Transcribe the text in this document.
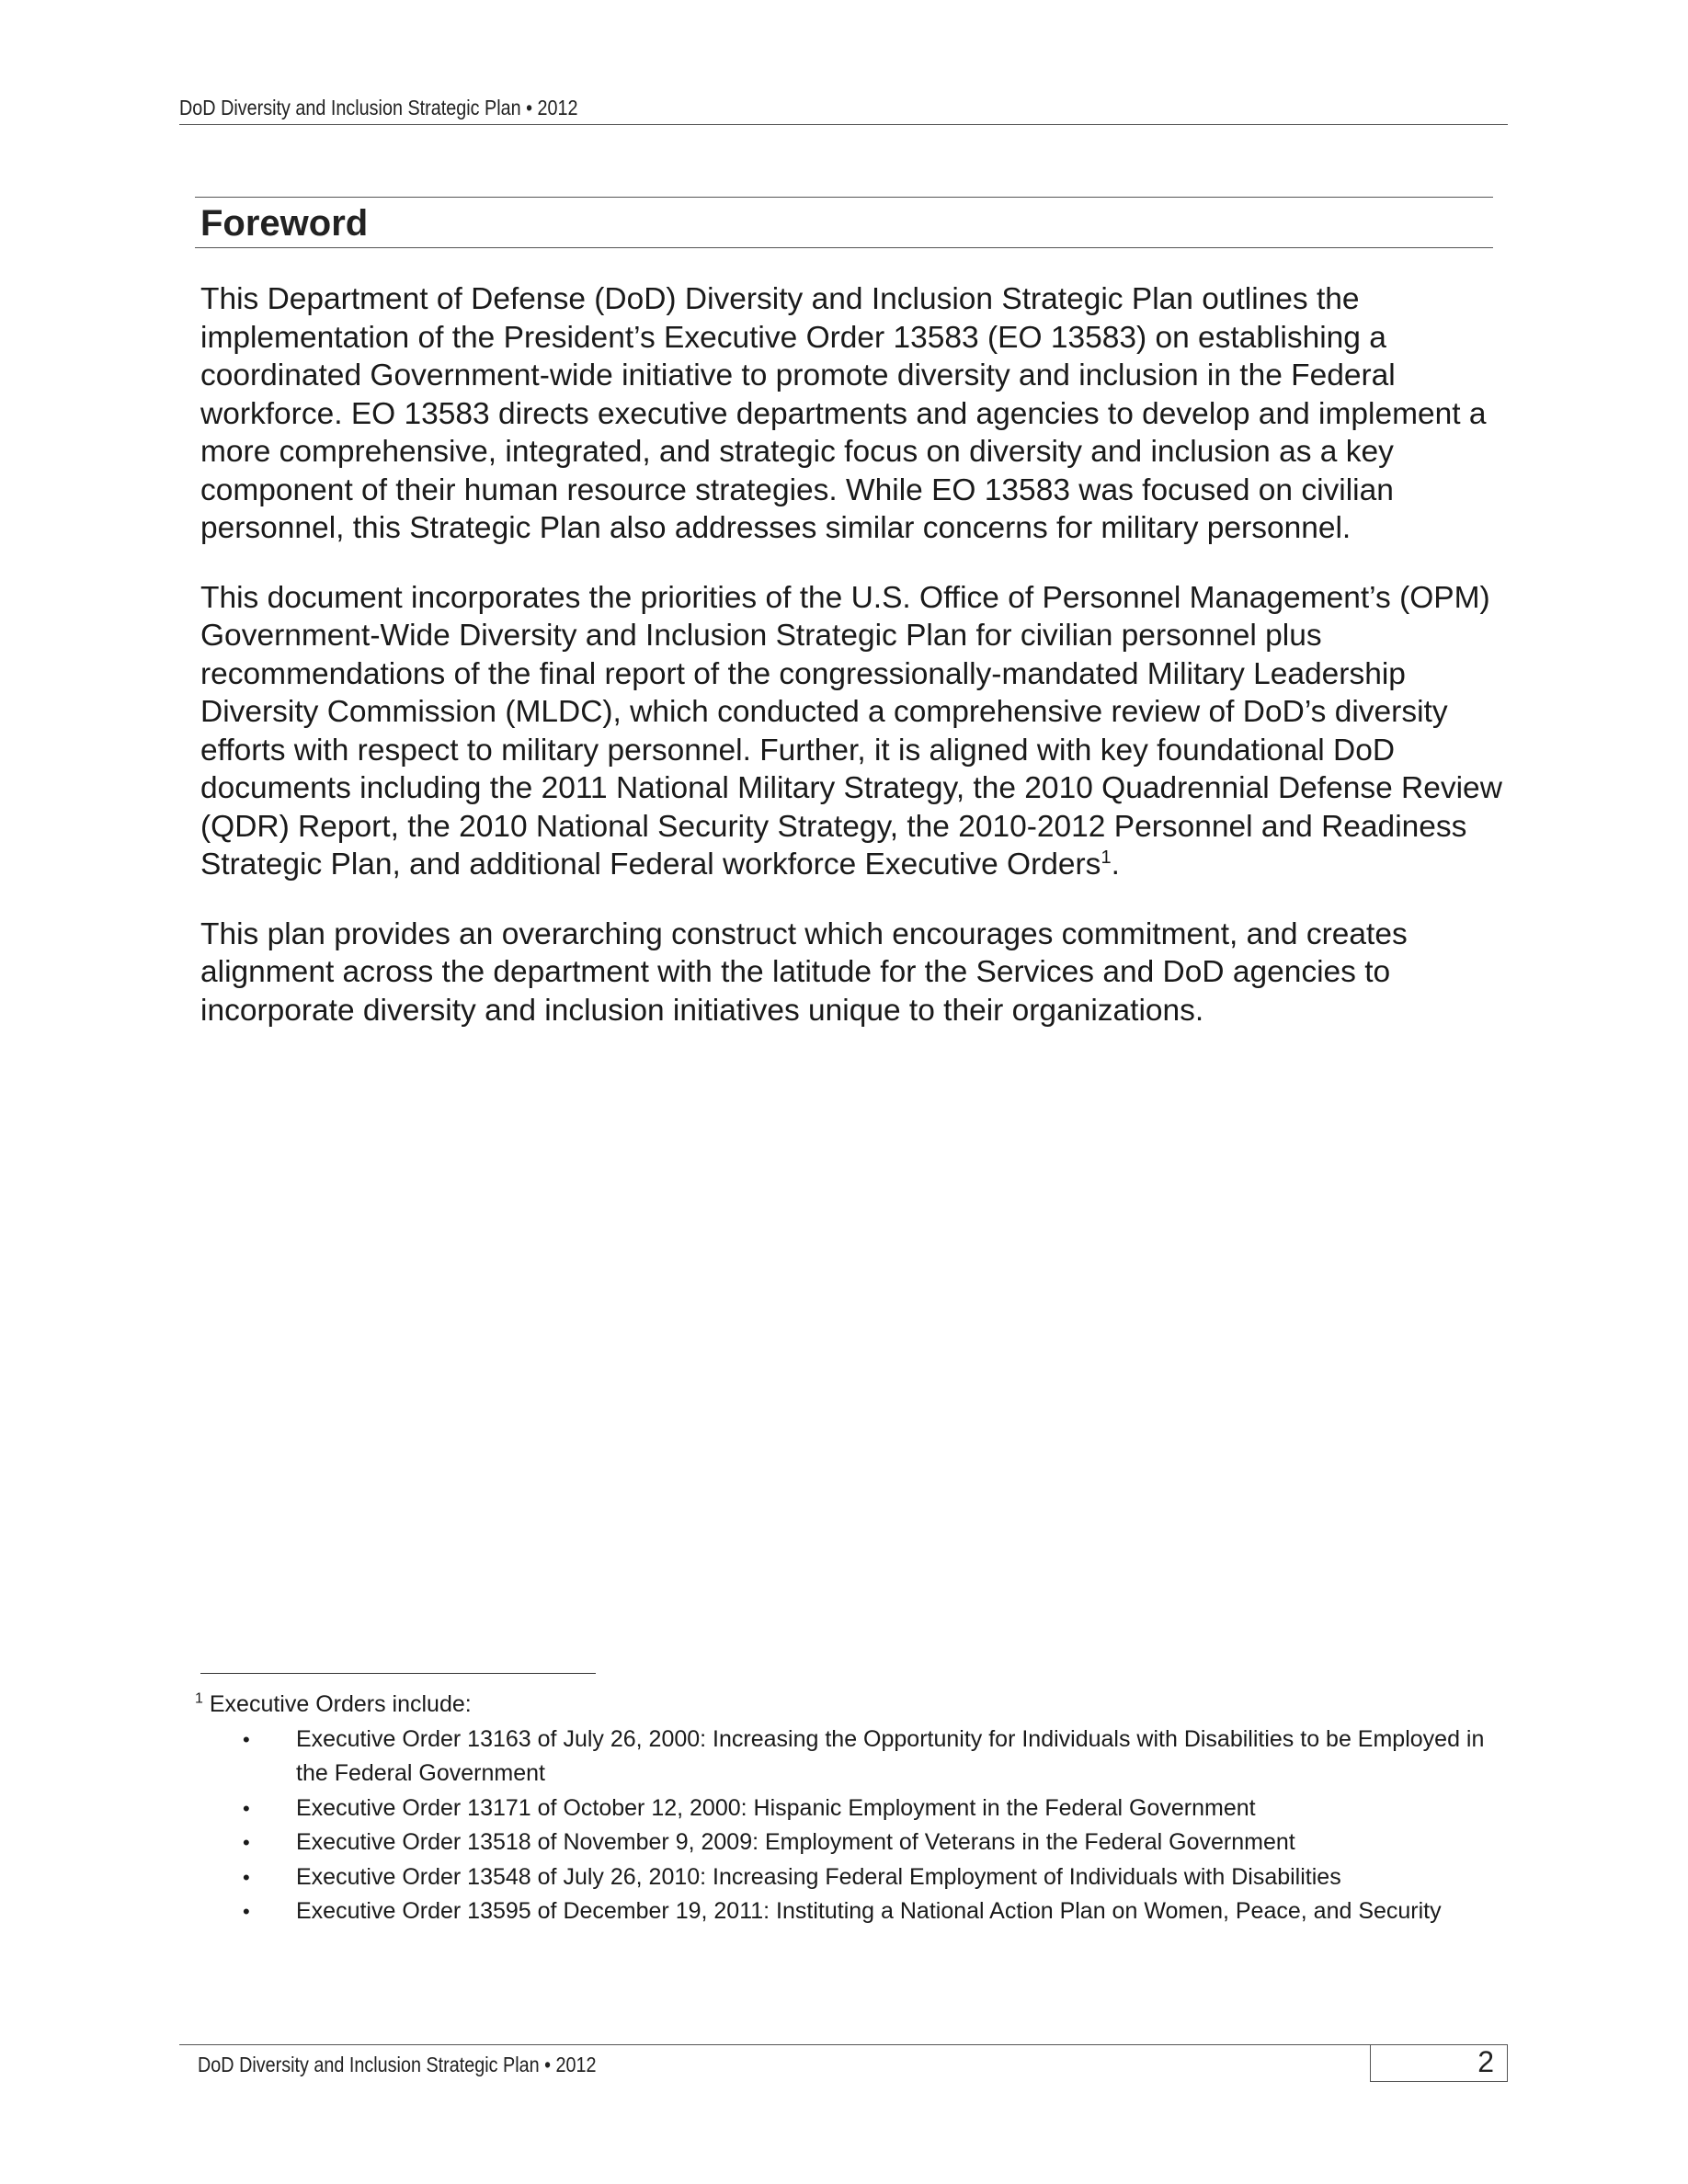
DoD Diversity and Inclusion Strategic Plan • 2012
Foreword

This Department of Defense (DoD) Diversity and Inclusion Strategic Plan outlines the implementation of the President’s Executive Order 13583 (EO 13583) on establishing a coordinated Government-wide initiative to promote diversity and inclusion in the Federal workforce. EO 13583 directs executive departments and agencies to develop and implement a more comprehensive, integrated, and strategic focus on diversity and inclusion as a key component of their human resource strategies. While EO 13583 was focused on civilian personnel, this Strategic Plan also addresses similar concerns for military personnel.

This document incorporates the priorities of the U.S. Office of Personnel Management’s (OPM) Government-Wide Diversity and Inclusion Strategic Plan for civilian personnel plus recommendations of the final report of the congressionally-mandated Military Leadership Diversity Commission (MLDC), which conducted a comprehensive review of DoD’s diversity efforts with respect to military personnel. Further, it is aligned with key foundational DoD documents including the 2011 National Military Strategy, the 2010 Quadrennial Defense Review (QDR) Report, the 2010 National Security Strategy, the 2010-2012 Personnel and Readiness Strategic Plan, and additional Federal workforce Executive Orders$^1$.

This plan provides an overarching construct which encourages commitment, and creates alignment across the department with the latitude for the Services and DoD agencies to incorporate diversity and inclusion initiatives unique to their organizations.

$^1$ Executive Orders include:
• Executive Order 13163 of July 26, 2000: Increasing the Opportunity for Individuals with Disabilities to be Employed in the Federal Government
• Executive Order 13171 of October 12, 2000: Hispanic Employment in the Federal Government
• Executive Order 13518 of November 9, 2009: Employment of Veterans in the Federal Government
• Executive Order 13548 of July 26, 2010: Increasing Federal Employment of Individuals with Disabilities
• Executive Order 13595 of December 19, 2011: Instituting a National Action Plan on Women, Peace, and Security
DoD Diversity and Inclusion Strategic Plan • 2012	2
